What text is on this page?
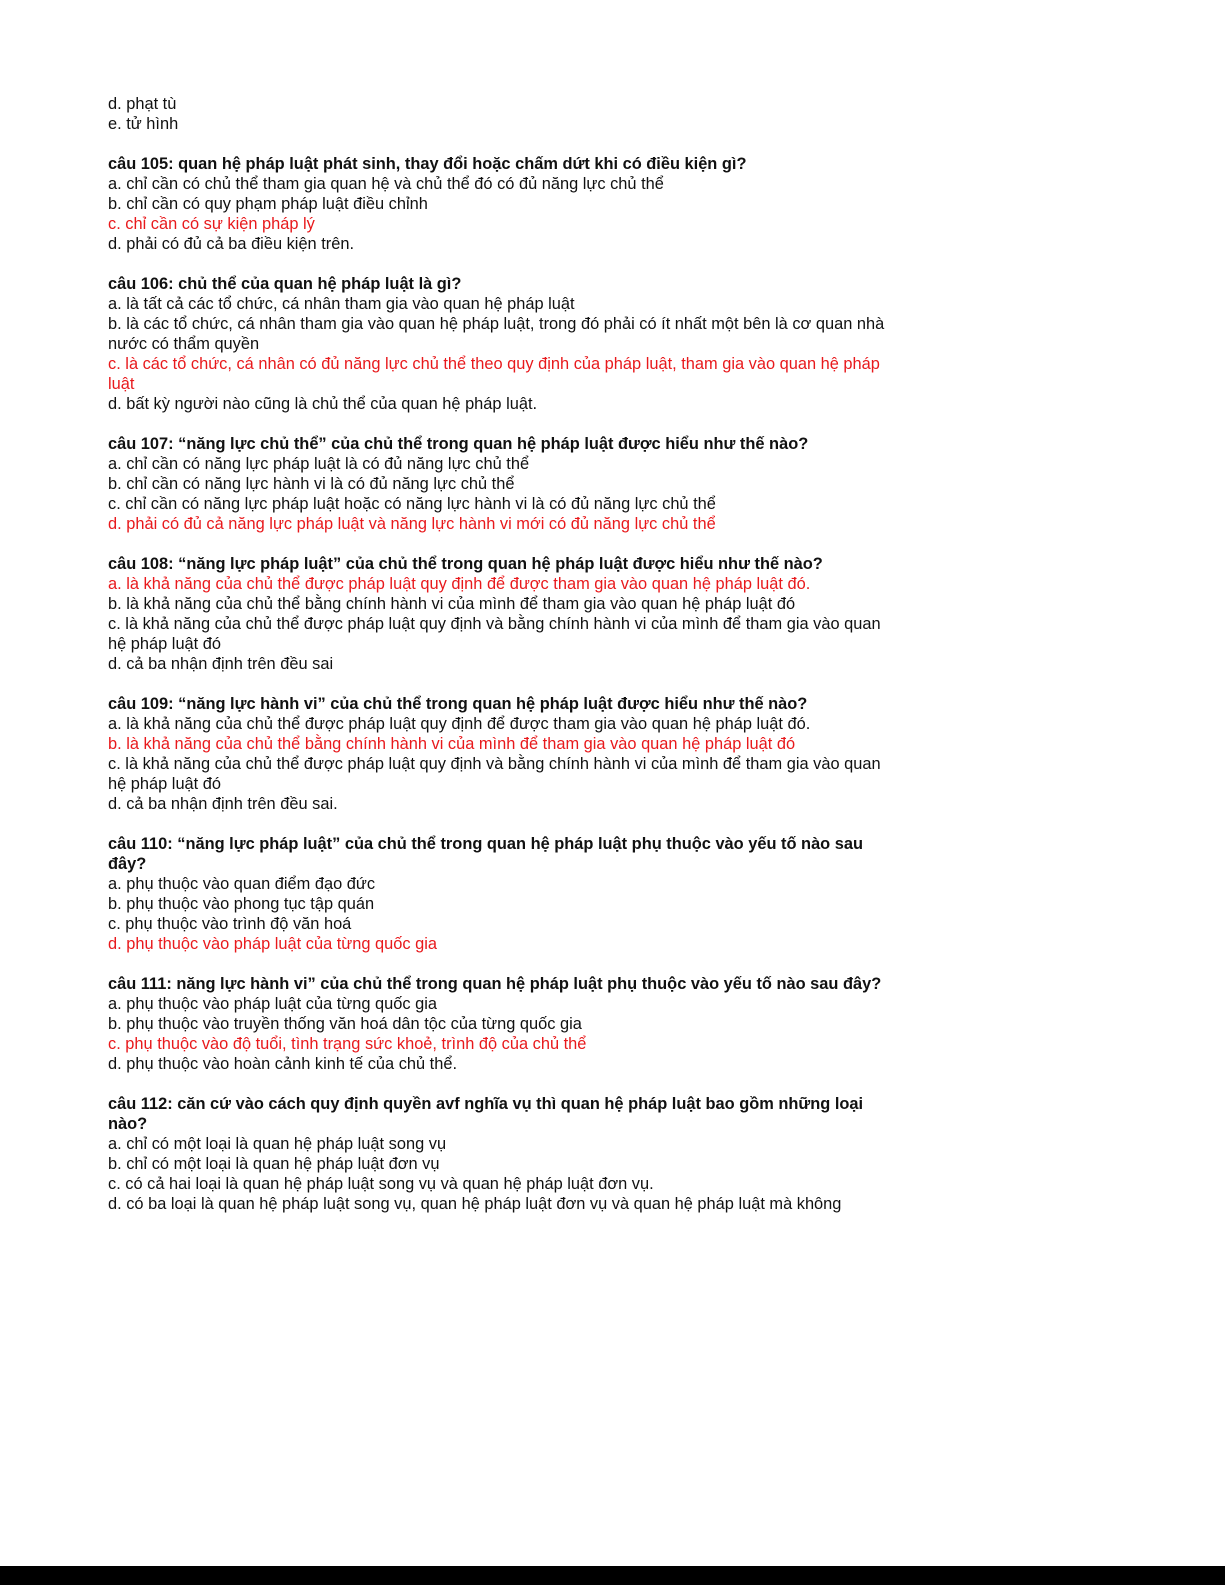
d. phạt tù
e. tử hình
câu 105: quan hệ pháp luật phát sinh, thay đổi hoặc chấm dứt khi có điều kiện gì?
a. chỉ cần có chủ thể tham gia quan hệ và chủ thể đó có đủ năng lực chủ thể
b. chỉ cần có quy phạm pháp luật điều chỉnh
c. chỉ cần có sự kiện pháp lý
d. phải có đủ cả ba điều kiện trên.
câu 106: chủ thể của quan hệ pháp luật là gì?
a. là tất cả các tổ chức, cá nhân tham gia vào quan hệ pháp luật
b. là các tổ chức, cá nhân tham gia vào quan hệ pháp luật, trong đó phải có ít nhất một bên là cơ quan nhà nước có thẩm quyền
c. là các tổ chức, cá nhân có đủ năng lực chủ thể theo quy định của pháp luật, tham gia vào quan hệ pháp luật
d. bất kỳ người nào cũng là chủ thể của quan hệ pháp luật.
câu 107: “năng lực chủ thể” của chủ thể trong quan hệ pháp luật được hiểu như thế nào?
a. chỉ cần có năng lực pháp luật là có đủ năng lực chủ thể
b. chỉ cần có năng lực hành vi là có đủ năng lực chủ thể
c. chỉ cần có năng lực pháp luật hoặc có năng lực hành vi là có đủ năng lực chủ thể
d. phải có đủ cả năng lực pháp luật và năng lực hành vi mới có đủ năng lực chủ thể
câu 108: “năng lực pháp luật” của chủ thể trong quan hệ pháp luật được hiểu như thế nào?
a. là khả năng của chủ thể được pháp luật quy định để được tham gia vào quan hệ pháp luật đó.
b. là khả năng của chủ thể bằng chính hành vi của mình để tham gia vào quan hệ pháp luật đó
c. là khả năng của chủ thể được pháp luật quy định và bằng chính hành vi của mình để tham gia vào quan hệ pháp luật đó
d. cả ba nhận định trên đều sai
câu 109: “năng lực hành vi” của chủ thể trong quan hệ pháp luật được hiểu như thế nào?
a. là khả năng của chủ thể được pháp luật quy định để được tham gia vào quan hệ pháp luật đó.
b. là khả năng của chủ thể bằng chính hành vi của mình để tham gia vào quan hệ pháp luật đó
c. là khả năng của chủ thể được pháp luật quy định và bằng chính hành vi của mình để tham gia vào quan hệ pháp luật đó
d. cả ba nhận định trên đều sai.
câu 110: “năng lực pháp luật” của chủ thể trong quan hệ pháp luật phụ thuộc vào yếu tố nào sau đây?
a. phụ thuộc vào quan điểm đạo đức
b. phụ thuộc vào phong tục tập quán
c. phụ thuộc vào trình độ văn hoá
d. phụ thuộc vào pháp luật của từng quốc gia
câu 111: năng lực hành vi” của chủ thể trong quan hệ pháp luật phụ thuộc vào yếu tố nào sau đây?
a. phụ thuộc vào pháp luật của từng quốc gia
b. phụ thuộc vào truyền thống văn hoá dân tộc của từng quốc gia
c. phụ thuộc vào độ tuổi, tình trạng sức khoẻ, trình độ của chủ thể
d. phụ thuộc vào hoàn cảnh kinh tế của chủ thể.
câu 112: căn cứ vào cách quy định quyền avf nghĩa vụ thì quan hệ pháp luật bao gồm những loại nào?
a. chỉ có một loại là quan hệ pháp luật song vụ
b. chỉ có một loại là quan hệ pháp luật đơn vụ
c. có cả hai loại là quan hệ pháp luật song vụ và quan hệ pháp luật đơn vụ.
d. có ba loại là quan hệ pháp luật song vụ, quan hệ pháp luật đơn vụ và quan hệ pháp luật mà không
